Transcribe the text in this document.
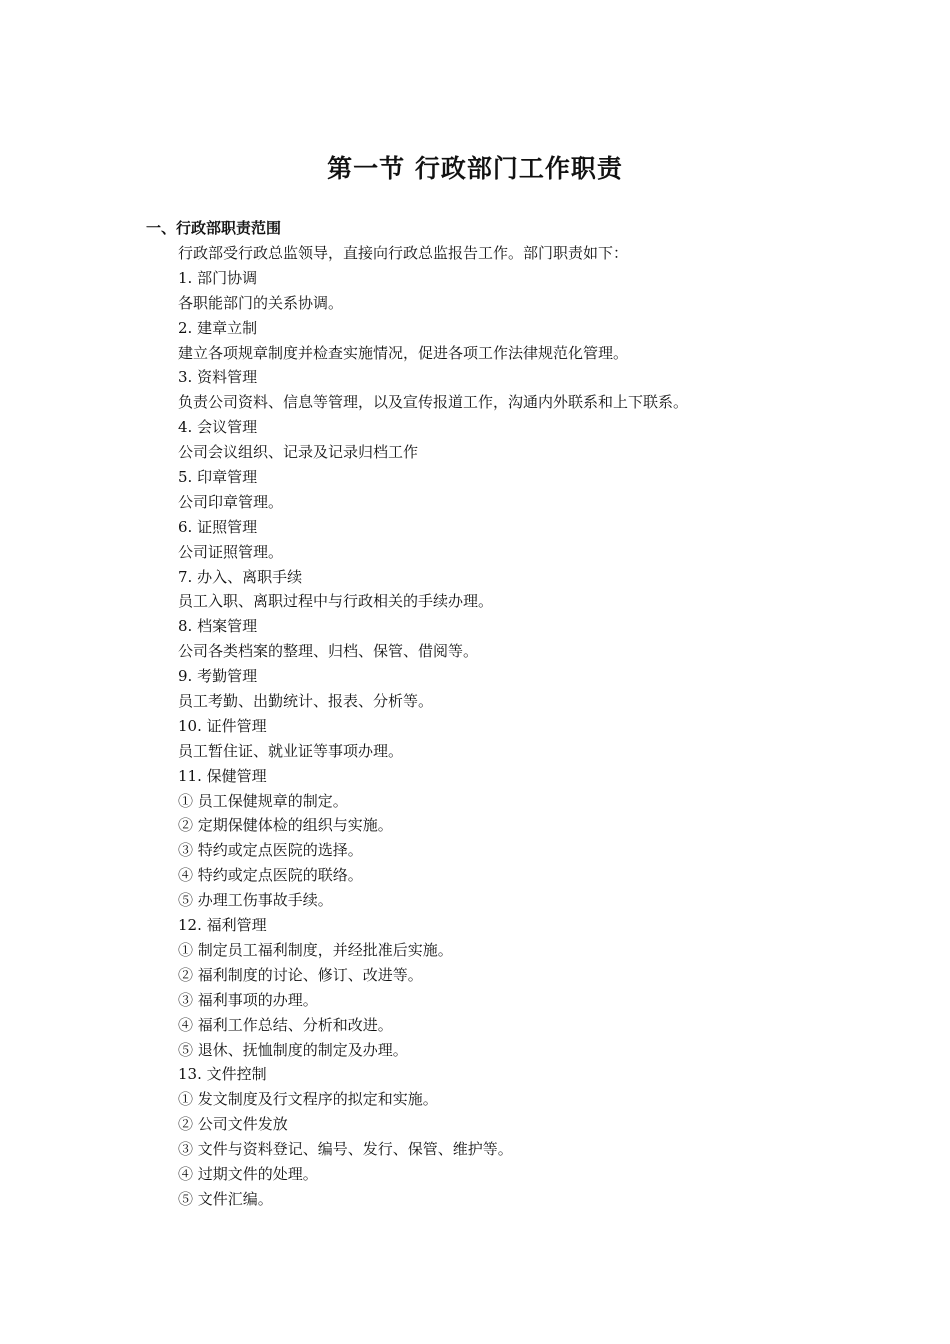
第一节 行政部门工作职责
一、行政部职责范围
行政部受行政总监领导，直接向行政总监报告工作。部门职责如下：
1. 部门协调
各职能部门的关系协调。
2. 建章立制
建立各项规章制度并检查实施情况，促进各项工作法律规范化管理。
3. 资料管理
负责公司资料、信息等管理，以及宣传报道工作，沟通内外联系和上下联系。
4. 会议管理
公司会议组织、记录及记录归档工作
5. 印章管理
公司印章管理。
6. 证照管理
公司证照管理。
7. 办入、离职手续
员工入职、离职过程中与行政相关的手续办理。
8. 档案管理
公司各类档案的整理、归档、保管、借阅等。
9. 考勤管理
员工考勤、出勤统计、报表、分析等。
10. 证件管理
员工暂住证、就业证等事项办理。
11. 保健管理
① 员工保健规章的制定。
② 定期保健体检的组织与实施。
③ 特约或定点医院的选择。
④ 特约或定点医院的联络。
⑤ 办理工伤事故手续。
12. 福利管理
① 制定员工福利制度，并经批准后实施。
② 福利制度的讨论、修订、改进等。
③ 福利事项的办理。
④ 福利工作总结、分析和改进。
⑤ 退休、抚恤制度的制定及办理。
13. 文件控制
① 发文制度及行文程序的拟定和实施。
② 公司文件发放
③ 文件与资料登记、编号、发行、保管、维护等。
④ 过期文件的处理。
⑤ 文件汇编。
